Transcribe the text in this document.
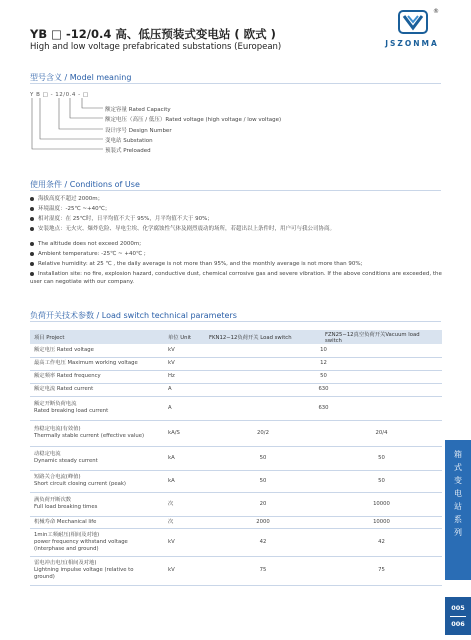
YB □ -12/0.4 高、低压预装式变电站 ( 欧式 )
High and low voltage prefabricated substations (European)
®
JSZONMA
型号含义 / Model meaning
Y B □ - 12/0.4 - □
额定容量 Rated Capacity
额定电压（高压 / 低压）Rated voltage (high voltage / low voltage)
设计序号 Design Number
变电站 Substation
预装式 Preloaded
使用条件 / Conditions of Use
海拔高度不超过 2000m；
环境温度：-25℃ ~+40℃；
相对湿度：在 25℃时，日平均值不大于 95%，月平均值不大于 90%；
安装地点：无火灾、爆炸危险、导电尘埃、化学腐蚀性气体及剧烈震动的场所，若超出以上条件时，用户可与我公司协商。
The altitude does not exceed 2000m;
Ambient temperature: -25℃ ~ +40℃ ;
Relative humidity: at 25 ℃ , the daily average is not more than 95%, and the monthly average is not more than 90%;
Installation site: no fire, explosion hazard, conductive dust, chemical corrosive gas and severe vibration. If the above conditions are exceeded, the user can negotiate with our company.
负荷开关技术参数 / Load switch technical parameters
项目 Project	单位 Unit	FKN12−12负荷开关 Load switch	FZN25−12真空负荷开关Vacuum load switch

额定电压 Rated voltage	kV	10	

最高工作电压 Maximum working voltage	kV	12	

额定频率 Rated frequency	Hz	50	

额定电流 Rated current	A	630	

额定开断负荷电流
Rated breaking load current	A	630	

热稳定电流(有效值)
Thermally stable current (effective value)	kA/S	20/2	20/4

动稳定电流
Dynamic steady current	kA	50	50

短路关合电流(峰值)
Short circuit closing current (peak)	kA	50	50

满负荷开断次数
Full load breaking times	次	20	10000

机械寿命 Mechanical life	次	2000	10000

1min工频耐压(相间及对地)
power frequency withstand voltage
(interphase and ground)	kV	42	42

雷电冲击电压(相间及对地)
Lightning impulse voltage (relative to
ground)	kV	75	75
箱式变电站系列
005
006
